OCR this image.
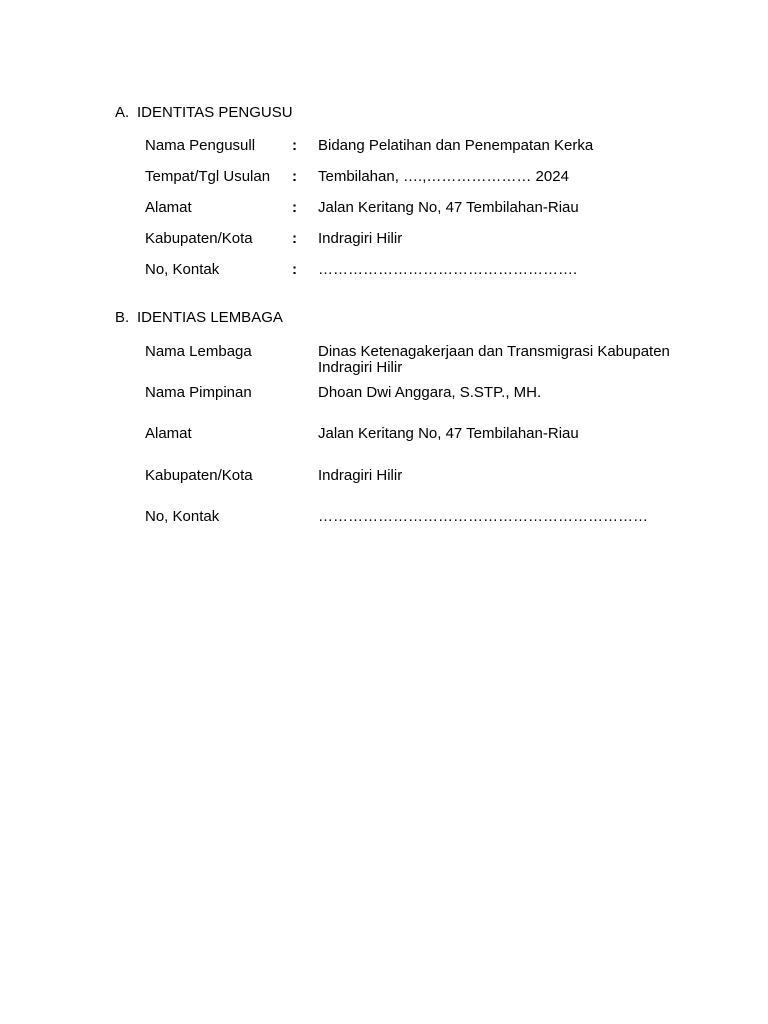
A. IDENTITAS PENGUSU
Nama Pengusull	:	Bidang Pelatihan dan Penempatan Kerka
Tempat/Tgl Usulan	:	Tembilahan, ….,………………… 2024
Alamat	:	Jalan Keritang No, 47 Tembilahan-Riau
Kabupaten/Kota	:	Indragiri Hilir
No, Kontak	:	…………………………………………….
B. IDENTIAS LEMBAGA
Nama Lembaga	Dinas Ketenagakerjaan dan Transmigrasi Kabupaten Indragiri Hilir
Nama Pimpinan	Dhoan Dwi Anggara, S.STP., MH.
Alamat	Jalan Keritang No, 47 Tembilahan-Riau
Kabupaten/Kota	Indragiri Hilir
No, Kontak	…………………………………………………………
